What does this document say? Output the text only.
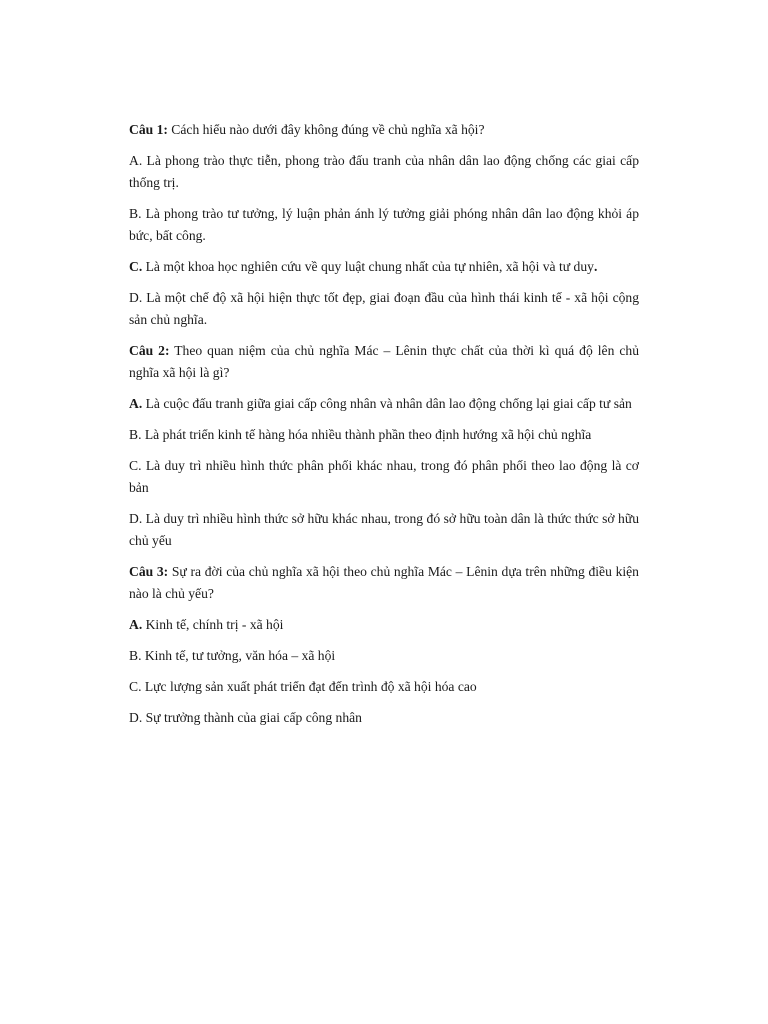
Câu 1: Cách hiểu nào dưới đây không đúng về chủ nghĩa xã hội?

A. Là phong trào thực tiễn, phong trào đấu tranh của nhân dân lao động chống các giai cấp thống trị.

B. Là phong trào tư tưởng, lý luận phản ánh lý tưởng giải phóng nhân dân lao động khỏi áp bức, bất công.

C. Là một khoa học nghiên cứu về quy luật chung nhất của tự nhiên, xã hội và tư duy.

D. Là một chế độ xã hội hiện thực tốt đẹp, giai đoạn đầu của hình thái kinh tế - xã hội cộng sản chủ nghĩa.

Câu 2: Theo quan niệm của chủ nghĩa Mác – Lênin thực chất của thời kì quá độ lên chủ nghĩa xã hội là gì?

A. Là cuộc đấu tranh giữa giai cấp công nhân và nhân dân lao động chống lại giai cấp tư sản

B. Là phát triển kinh tế hàng hóa nhiều thành phần theo định hướng xã hội chủ nghĩa

C. Là duy trì nhiều hình thức phân phối khác nhau, trong đó phân phối theo lao động là cơ bản

D. Là duy trì nhiều hình thức sở hữu khác nhau, trong đó sở hữu toàn dân là thức thức sở hữu chủ yếu

Câu 3: Sự ra đời của chủ nghĩa xã hội theo chủ nghĩa Mác – Lênin dựa trên những điều kiện nào là chủ yếu?

A. Kinh tế, chính trị - xã hội

B. Kinh tế, tư tưởng, văn hóa – xã hội

C. Lực lượng sản xuất phát triển đạt đến trình độ xã hội hóa cao

D. Sự trưởng thành của giai cấp công nhân
